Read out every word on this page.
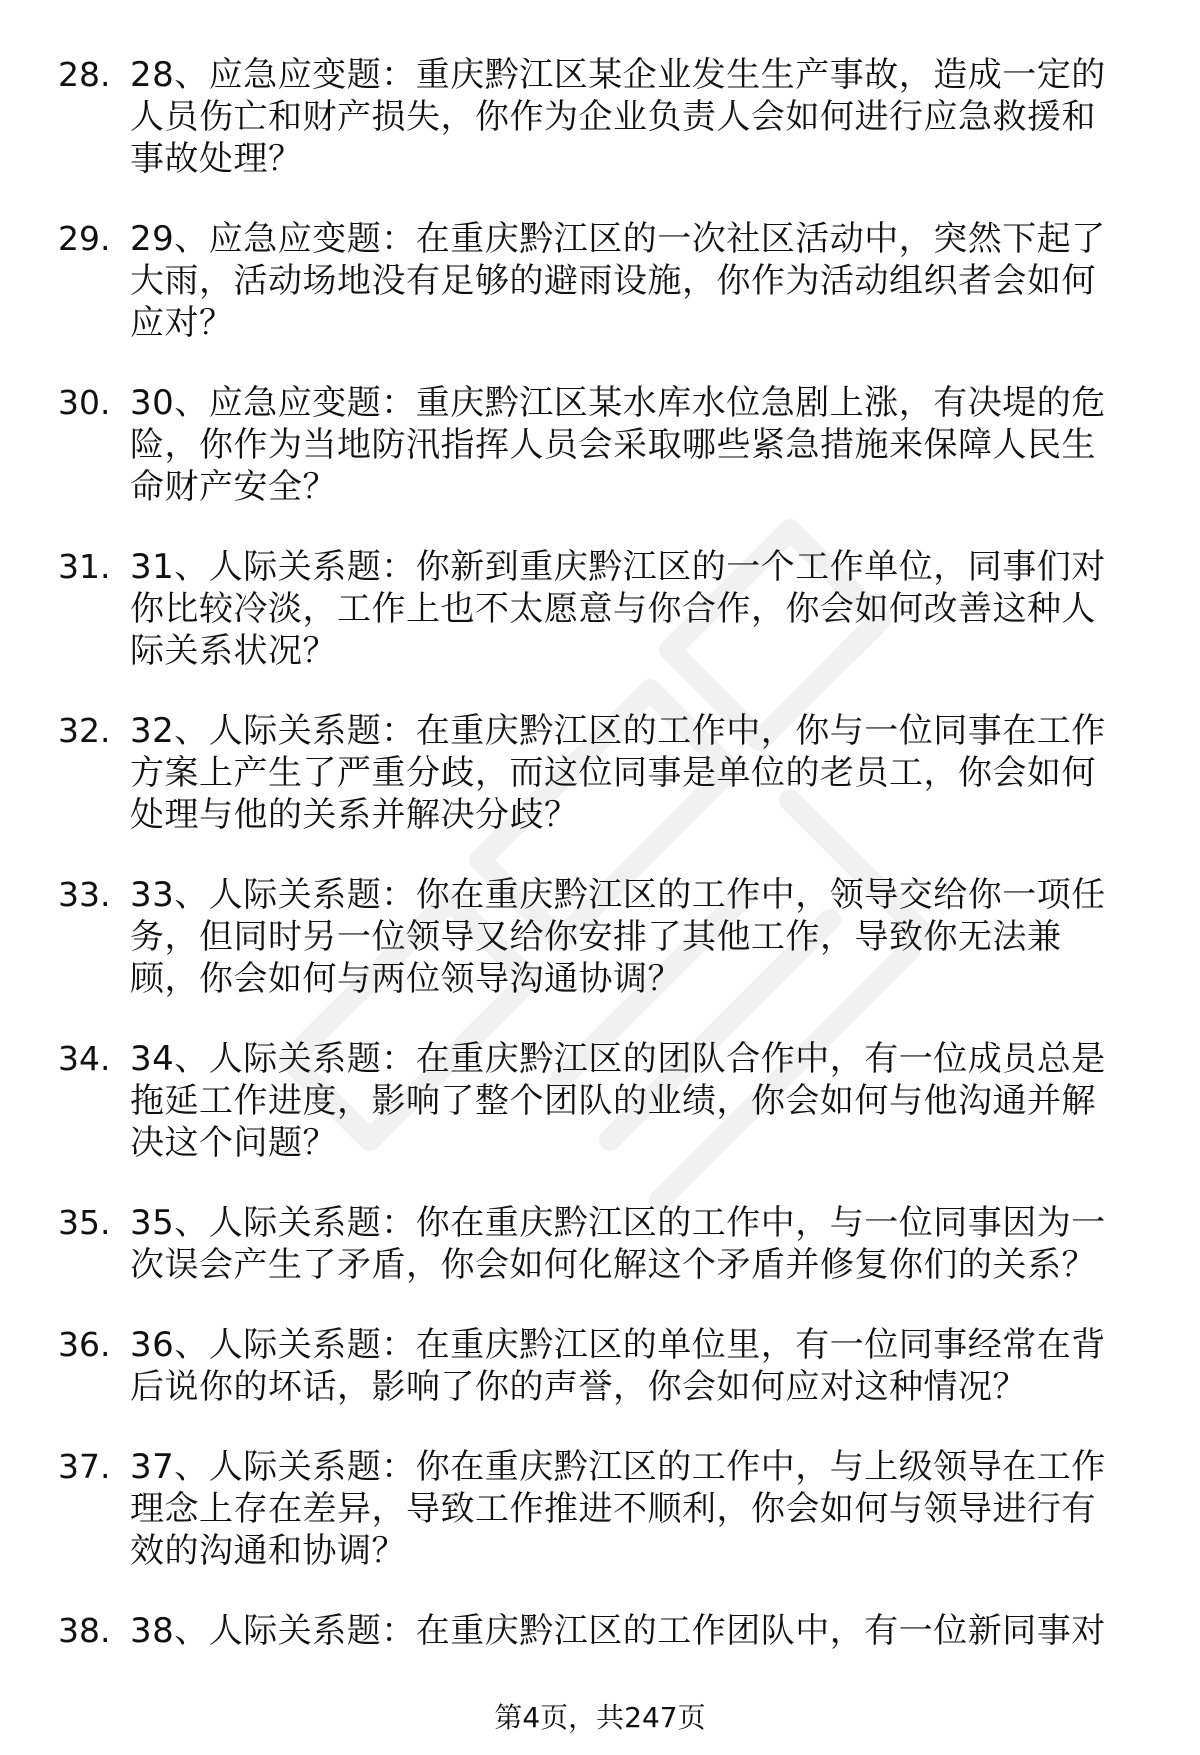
28. 28、应急应变题：重庆黔江区某企业发生生产事故，造成一定的人员伤亡和财产损失，你作为企业负责人会如何进行应急救援和事故处理？
29. 29、应急应变题：在重庆黔江区的一次社区活动中，突然下起了大雨，活动场地没有足够的避雨设施，你作为活动组织者会如何应对？
30. 30、应急应变题：重庆黔江区某水库水位急剧上涨，有决堤的危险，你作为当地防汛指挥人员会采取哪些紧急措施来保障人民生命财产安全？
31. 31、人际关系题：你新到重庆黔江区的一个工作单位，同事们对你比较冷淡，工作上也不太愿意与你合作，你会如何改善这种人际关系状况？
32. 32、人际关系题：在重庆黔江区的工作中，你与一位同事在工作方案上产生了严重分歧，而这位同事是单位的老员工，你会如何处理与他的关系并解决分歧？
33. 33、人际关系题：你在重庆黔江区的工作中，领导交给你一项任务，但同时另一位领导又给你安排了其他工作，导致你无法兼顾，你会如何与两位领导沟通协调？
34. 34、人际关系题：在重庆黔江区的团队合作中，有一位成员总是拖延工作进度，影响了整个团队的业绩，你会如何与他沟通并解决这个问题？
35. 35、人际关系题：你在重庆黔江区的工作中，与一位同事因为一次误会产生了矛盾，你会如何化解这个矛盾并修复你们的关系？
36. 36、人际关系题：在重庆黔江区的单位里，有一位同事经常在背后说你的坏话，影响了你的声誉，你会如何应对这种情况？
37. 37、人际关系题：你在重庆黔江区的工作中，与上级领导在工作理念上存在差异，导致工作推进不顺利，你会如何与领导进行有效的沟通和协调？
38. 38、人际关系题：在重庆黔江区的工作团队中，有一位新同事对
第4页，共247页
